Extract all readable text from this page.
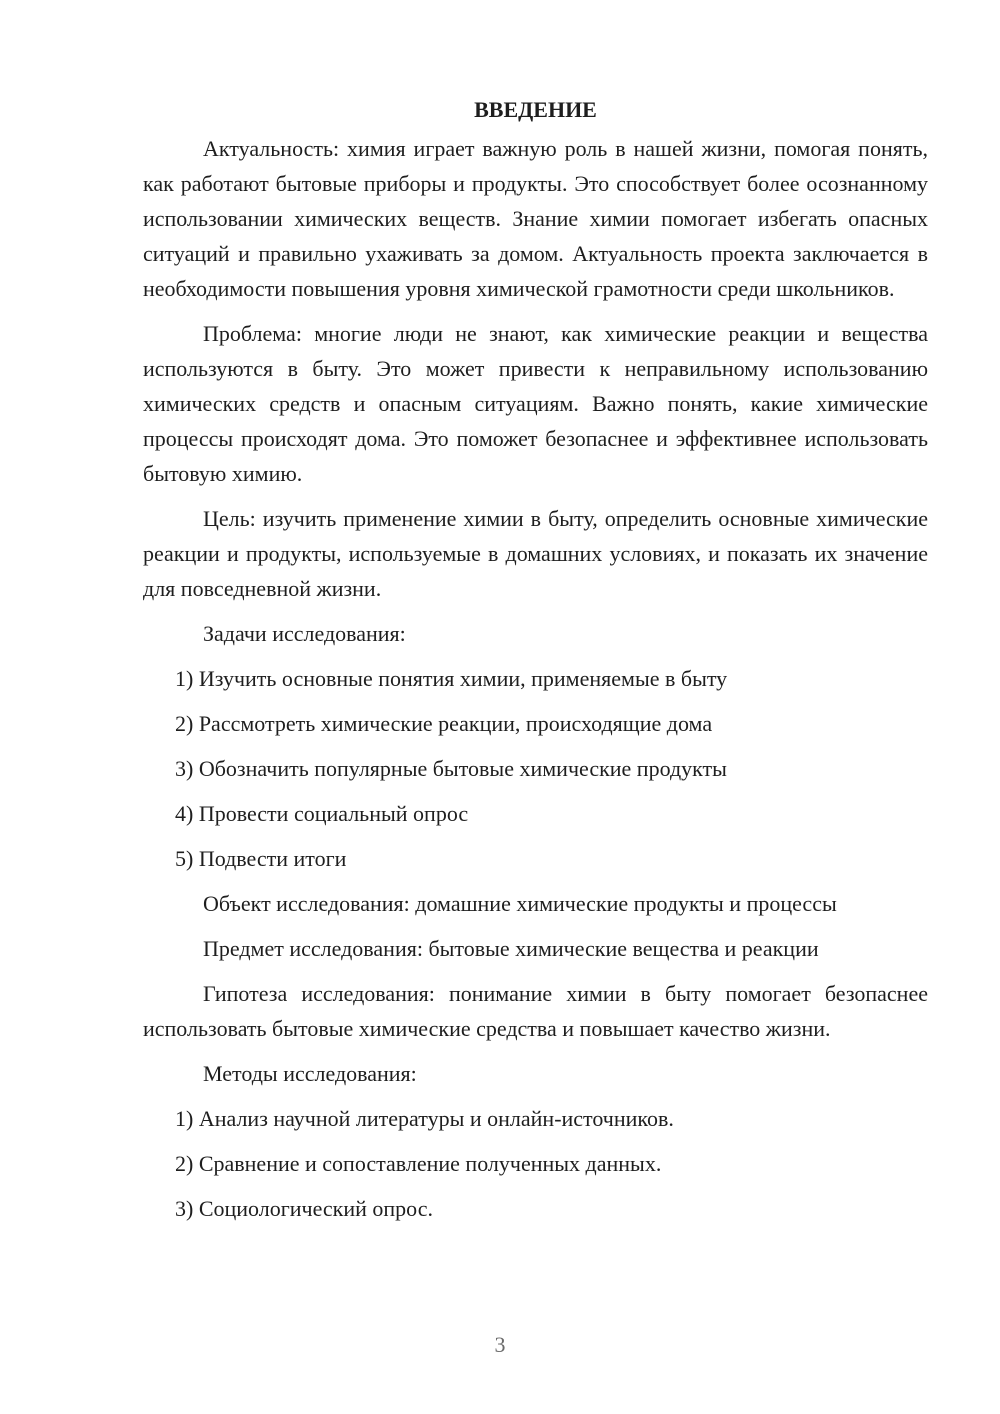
ВВЕДЕНИЕ

Актуальность: химия играет важную роль в нашей жизни, помогая понять, как работают бытовые приборы и продукты. Это способствует более осознанному использовании химических веществ. Знание химии помогает избегать опасных ситуаций и правильно ухаживать за домом. Актуальность проекта заключается в необходимости повышения уровня химической грамотности среди школьников.

Проблема: многие люди не знают, как химические реакции и вещества используются в быту. Это может привести к неправильному использованию химических средств и опасным ситуациям. Важно понять, какие химические процессы происходят дома. Это поможет безопаснее и эффективнее использовать бытовую химию.

Цель: изучить применение химии в быту, определить основные химические реакции и продукты, используемые в домашних условиях, и показать их значение для повседневной жизни.

Задачи исследования:
1) Изучить основные понятия химии, применяемые в быту
2) Рассмотреть химические реакции, происходящие дома
3) Обозначить популярные бытовые химические продукты
4) Провести социальный опрос
5) Подвести итоги
Объект исследования: домашние химические продукты и процессы
Предмет исследования: бытовые химические вещества и реакции

Гипотеза исследования: понимание химии в быту помогает безопаснее использовать бытовые химические средства и повышает качество жизни.

Методы исследования:
1) Анализ научной литературы и онлайн-источников.
2) Сравнение и сопоставление полученных данных.
3) Социологический опрос.
3
